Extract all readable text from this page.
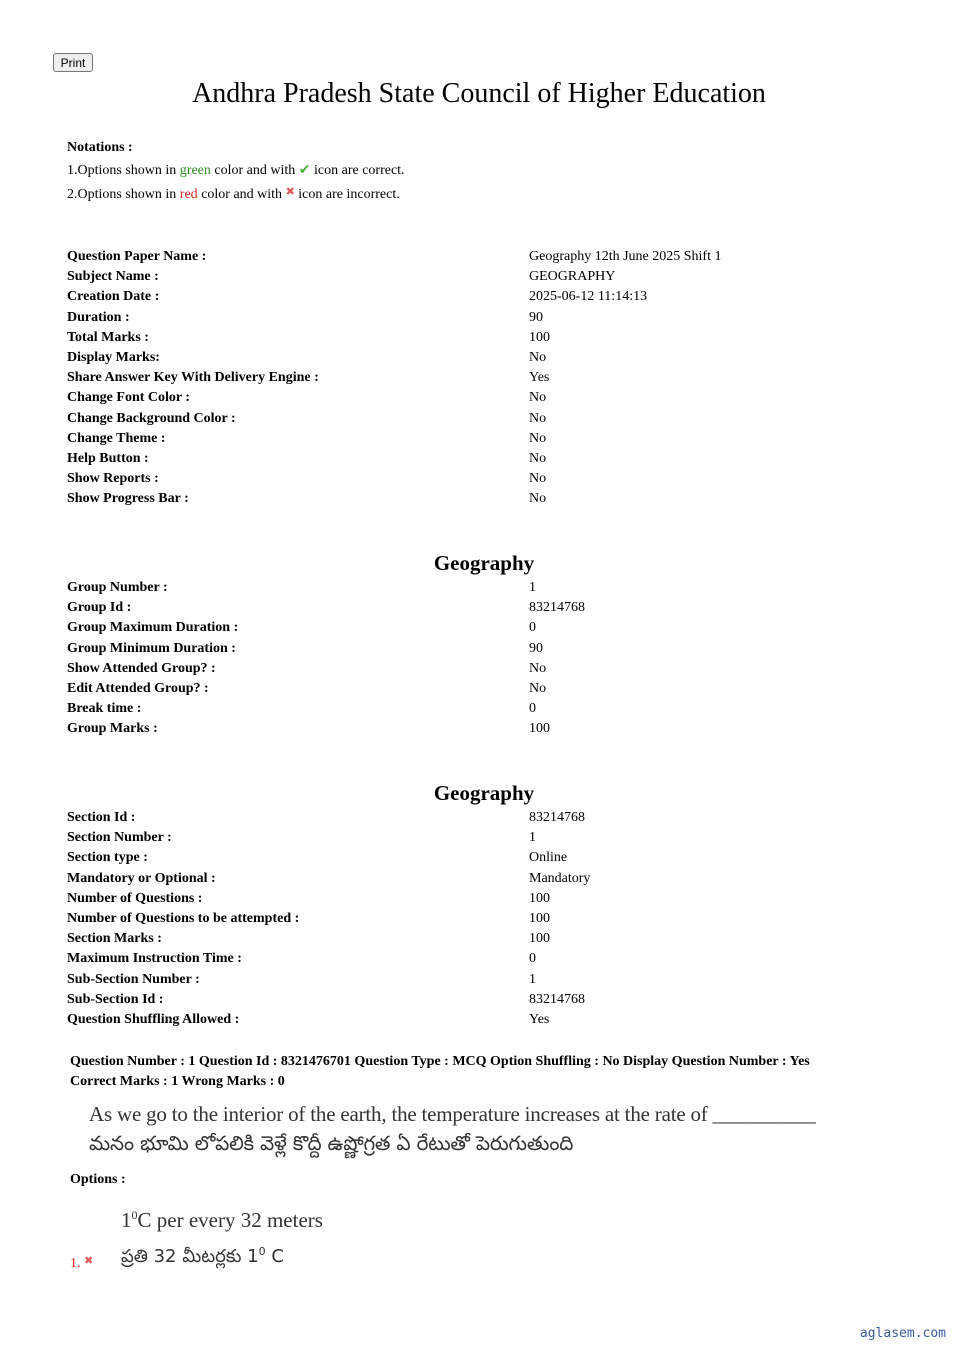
Print
Andhra Pradesh State Council of Higher Education
Notations :
1.Options shown in green color and with ✔ icon are correct.
2.Options shown in red color and with ✖ icon are incorrect.
Question Paper Name :	Geography 12th June 2025 Shift 1
Subject Name :	GEOGRAPHY
Creation Date :	2025-06-12 11:14:13
Duration :	90
Total Marks :	100
Display Marks:	No
Share Answer Key With Delivery Engine :	Yes
Change Font Color :	No
Change Background Color :	No
Change Theme :	No
Help Button :	No
Show Reports :	No
Show Progress Bar :	No
Geography
Group Number :	1
Group Id :	83214768
Group Maximum Duration :	0
Group Minimum Duration :	90
Show Attended Group? :	No
Edit Attended Group? :	No
Break time :	0
Group Marks :	100
Geography
Section Id :	83214768
Section Number :	1
Section type :	Online
Mandatory or Optional :	Mandatory
Number of Questions :	100
Number of Questions to be attempted :	100
Section Marks :	100
Maximum Instruction Time :	0
Sub-Section Number :	1
Sub-Section Id :	83214768
Question Shuffling Allowed :	Yes
Question Number : 1 Question Id : 8321476701 Question Type : MCQ Option Shuffling : No Display Question Number : Yes
Correct Marks : 1 Wrong Marks : 0
As we go to the interior of the earth, the temperature increases at the rate of __________
మనం భూమి లోపలికి వెళ్లే కొద్దీ ఉష్ణోగ్రత ఏ రేటుతో పెరుగుతుంది
Options :
$1^0C$ per every 32 meters
ప్రతి 32 మీటర్లకు $1^0$ C
1. ✖
aglasem.com
